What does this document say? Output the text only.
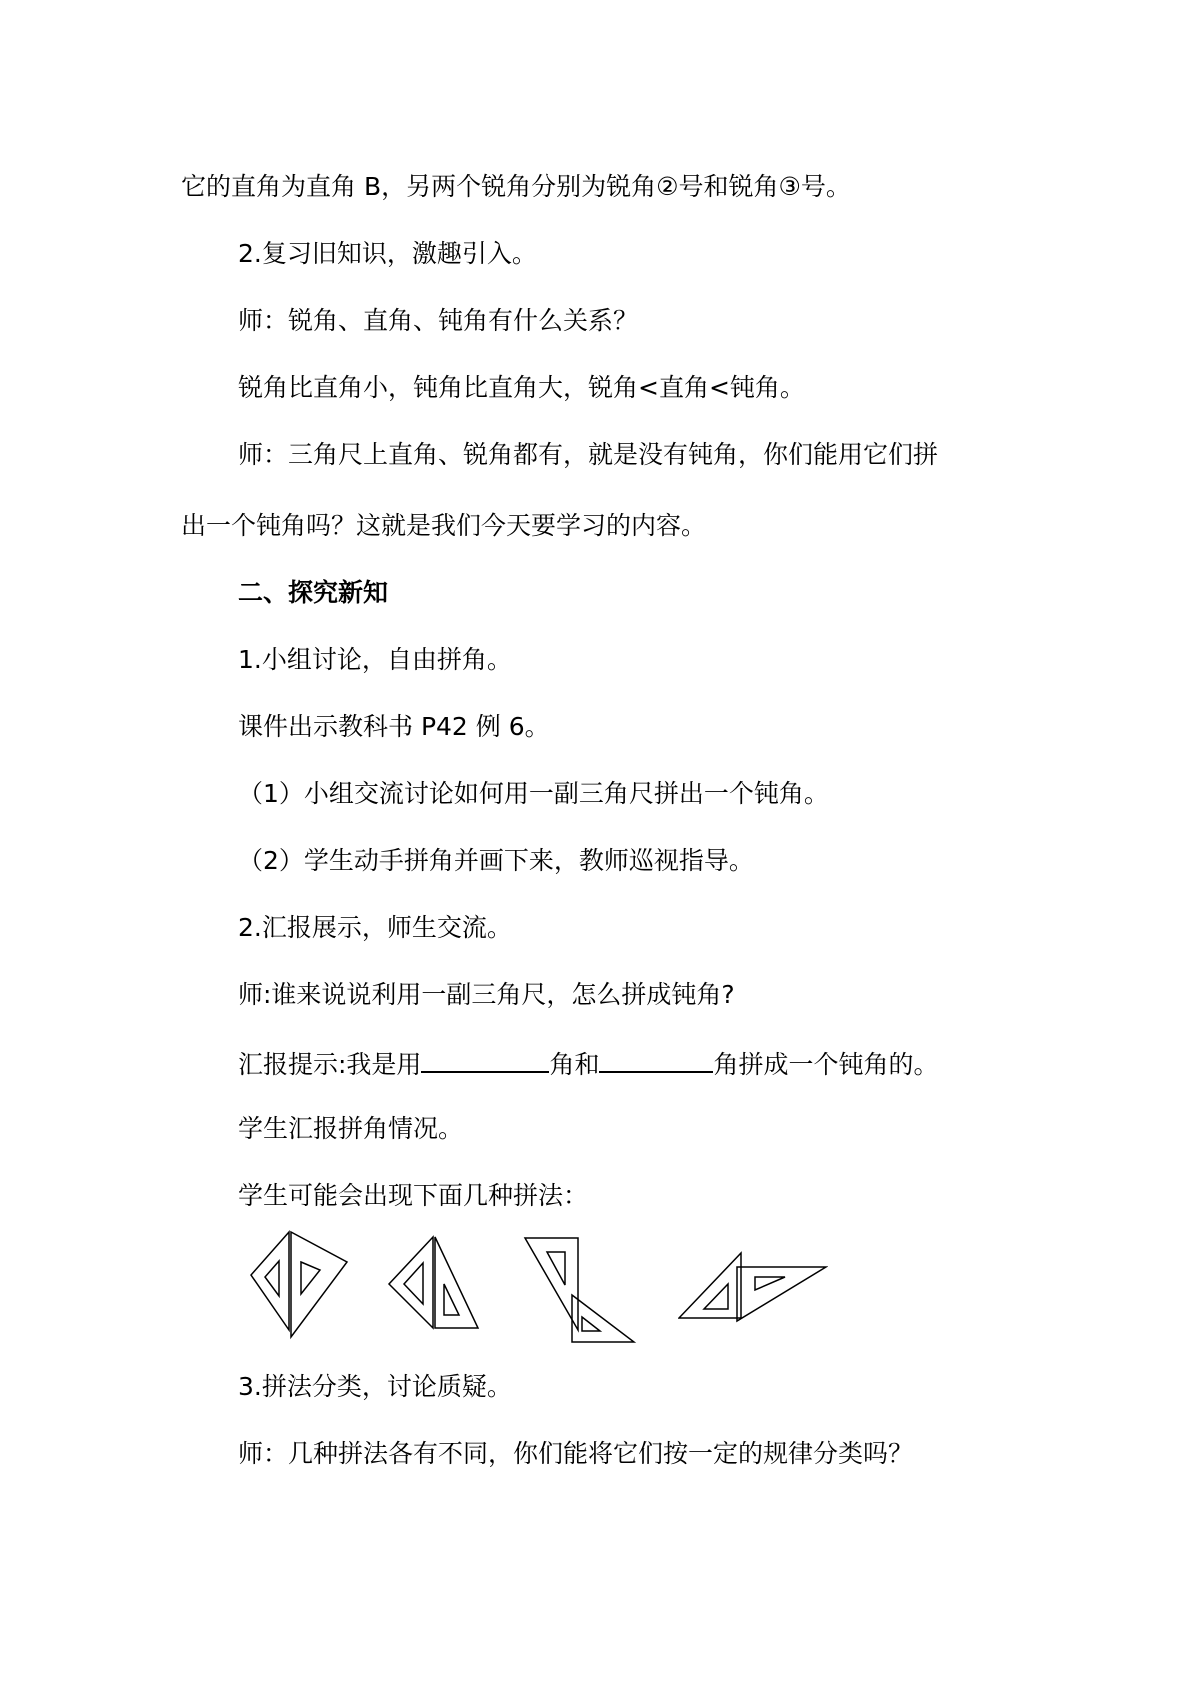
它的直角为直角 B，另两个锐角分别为锐角②号和锐角③号。
2.复习旧知识，激趣引入。
师：锐角、直角、钝角有什么关系？
锐角比直角小，钝角比直角大，锐角<直角<钝角。
师：三角尺上直角、锐角都有，就是没有钝角，你们能用它们拼
出一个钝角吗？这就是我们今天要学习的内容。
二、探究新知
1.小组讨论，自由拼角。
课件出示教科书 P42 例 6。
（1）小组交流讨论如何用一副三角尺拼出一个钝角。
（2）学生动手拼角并画下来，教师巡视指导。
2.汇报展示，师生交流。
师:谁来说说利用一副三角尺，怎么拼成钝角?
汇报提示:我是用	角和	角拼成一个钝角的。
学生汇报拼角情况。
学生可能会出现下面几种拼法：
3.拼法分类，讨论质疑。
师：几种拼法各有不同，你们能将它们按一定的规律分类吗？
